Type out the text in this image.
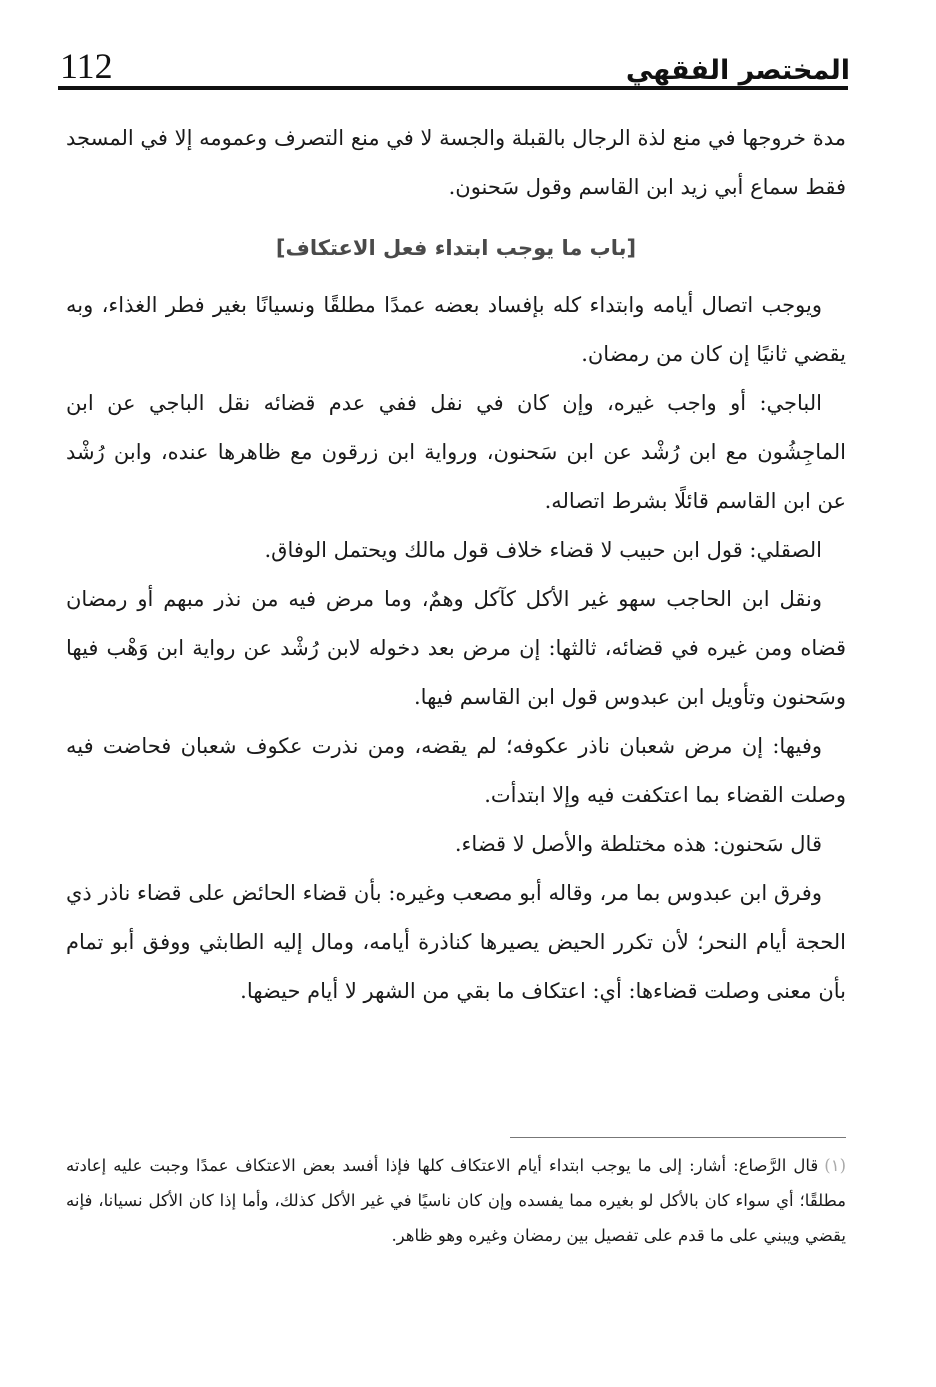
112	المختصر الفقهي

مدة خروجها في منع لذة الرجال بالقبلة والجسة لا في منع التصرف وعمومه إلا في المسجد فقط سماع أبي زيد ابن القاسم وقول سَحنون.

[باب ما يوجب ابتداء فعل الاعتكاف]

ويوجب اتصال أيامه وابتداء كله بإفساد بعضه عمدًا مطلقًا ونسيانًا بغير فطر الغذاء، وبه يقضي ثانيًا إن كان من رمضان.

الباجي: أو واجب غيره، وإن كان في نفل ففي عدم قضائه نقل الباجي عن ابن الماجِشُون مع ابن رُشْد عن ابن سَحنون، ورواية ابن زرقون مع ظاهرها عنده، وابن رُشْد عن ابن القاسم قائلًا بشرط اتصاله.

الصقلي: قول ابن حبيب لا قضاء خلاف قول مالك ويحتمل الوفاق.

ونقل ابن الحاجب سهو غير الأكل كآكل وهمٌ، وما مرض فيه من نذر مبهم أو رمضان قضاه ومن غيره في قضائه، ثالثها: إن مرض بعد دخوله لابن رُشْد عن رواية ابن وَهْب فيها وسَحنون وتأويل ابن عبدوس قول ابن القاسم فيها.

وفيها: إن مرض شعبان ناذر عكوفه؛ لم يقضه، ومن نذرت عكوف شعبان فحاضت فيه وصلت القضاء بما اعتكفت فيه وإلا ابتدأت.

قال سَحنون: هذه مختلطة والأصل لا قضاء.

وفرق ابن عبدوس بما مر، وقاله أبو مصعب وغيره: بأن قضاء الحائض على قضاء ناذر ذي الحجة أيام النحر؛ لأن تكرر الحيض يصيرها كناذرة أيامه، ومال إليه الطابثي ووفق أبو تمام بأن معنى وصلت قضاءها: أي: اعتكاف ما بقي من الشهر لا أيام حيضها.

(١)قال الرَّصاع: أشار: إلى ما يوجب ابتداء أيام الاعتكاف كلها فإذا أفسد بعض الاعتكاف عمدًا وجبت عليه إعادته مطلقًا؛ أي سواء كان بالأكل لو بغيره مما يفسده وإن كان ناسيًا في غير الأكل كذلك، وأما إذا كان الأكل نسيانا، فإنه يقضي ويبني على ما قدم على تفصيل بين رمضان وغيره وهو ظاهر.
